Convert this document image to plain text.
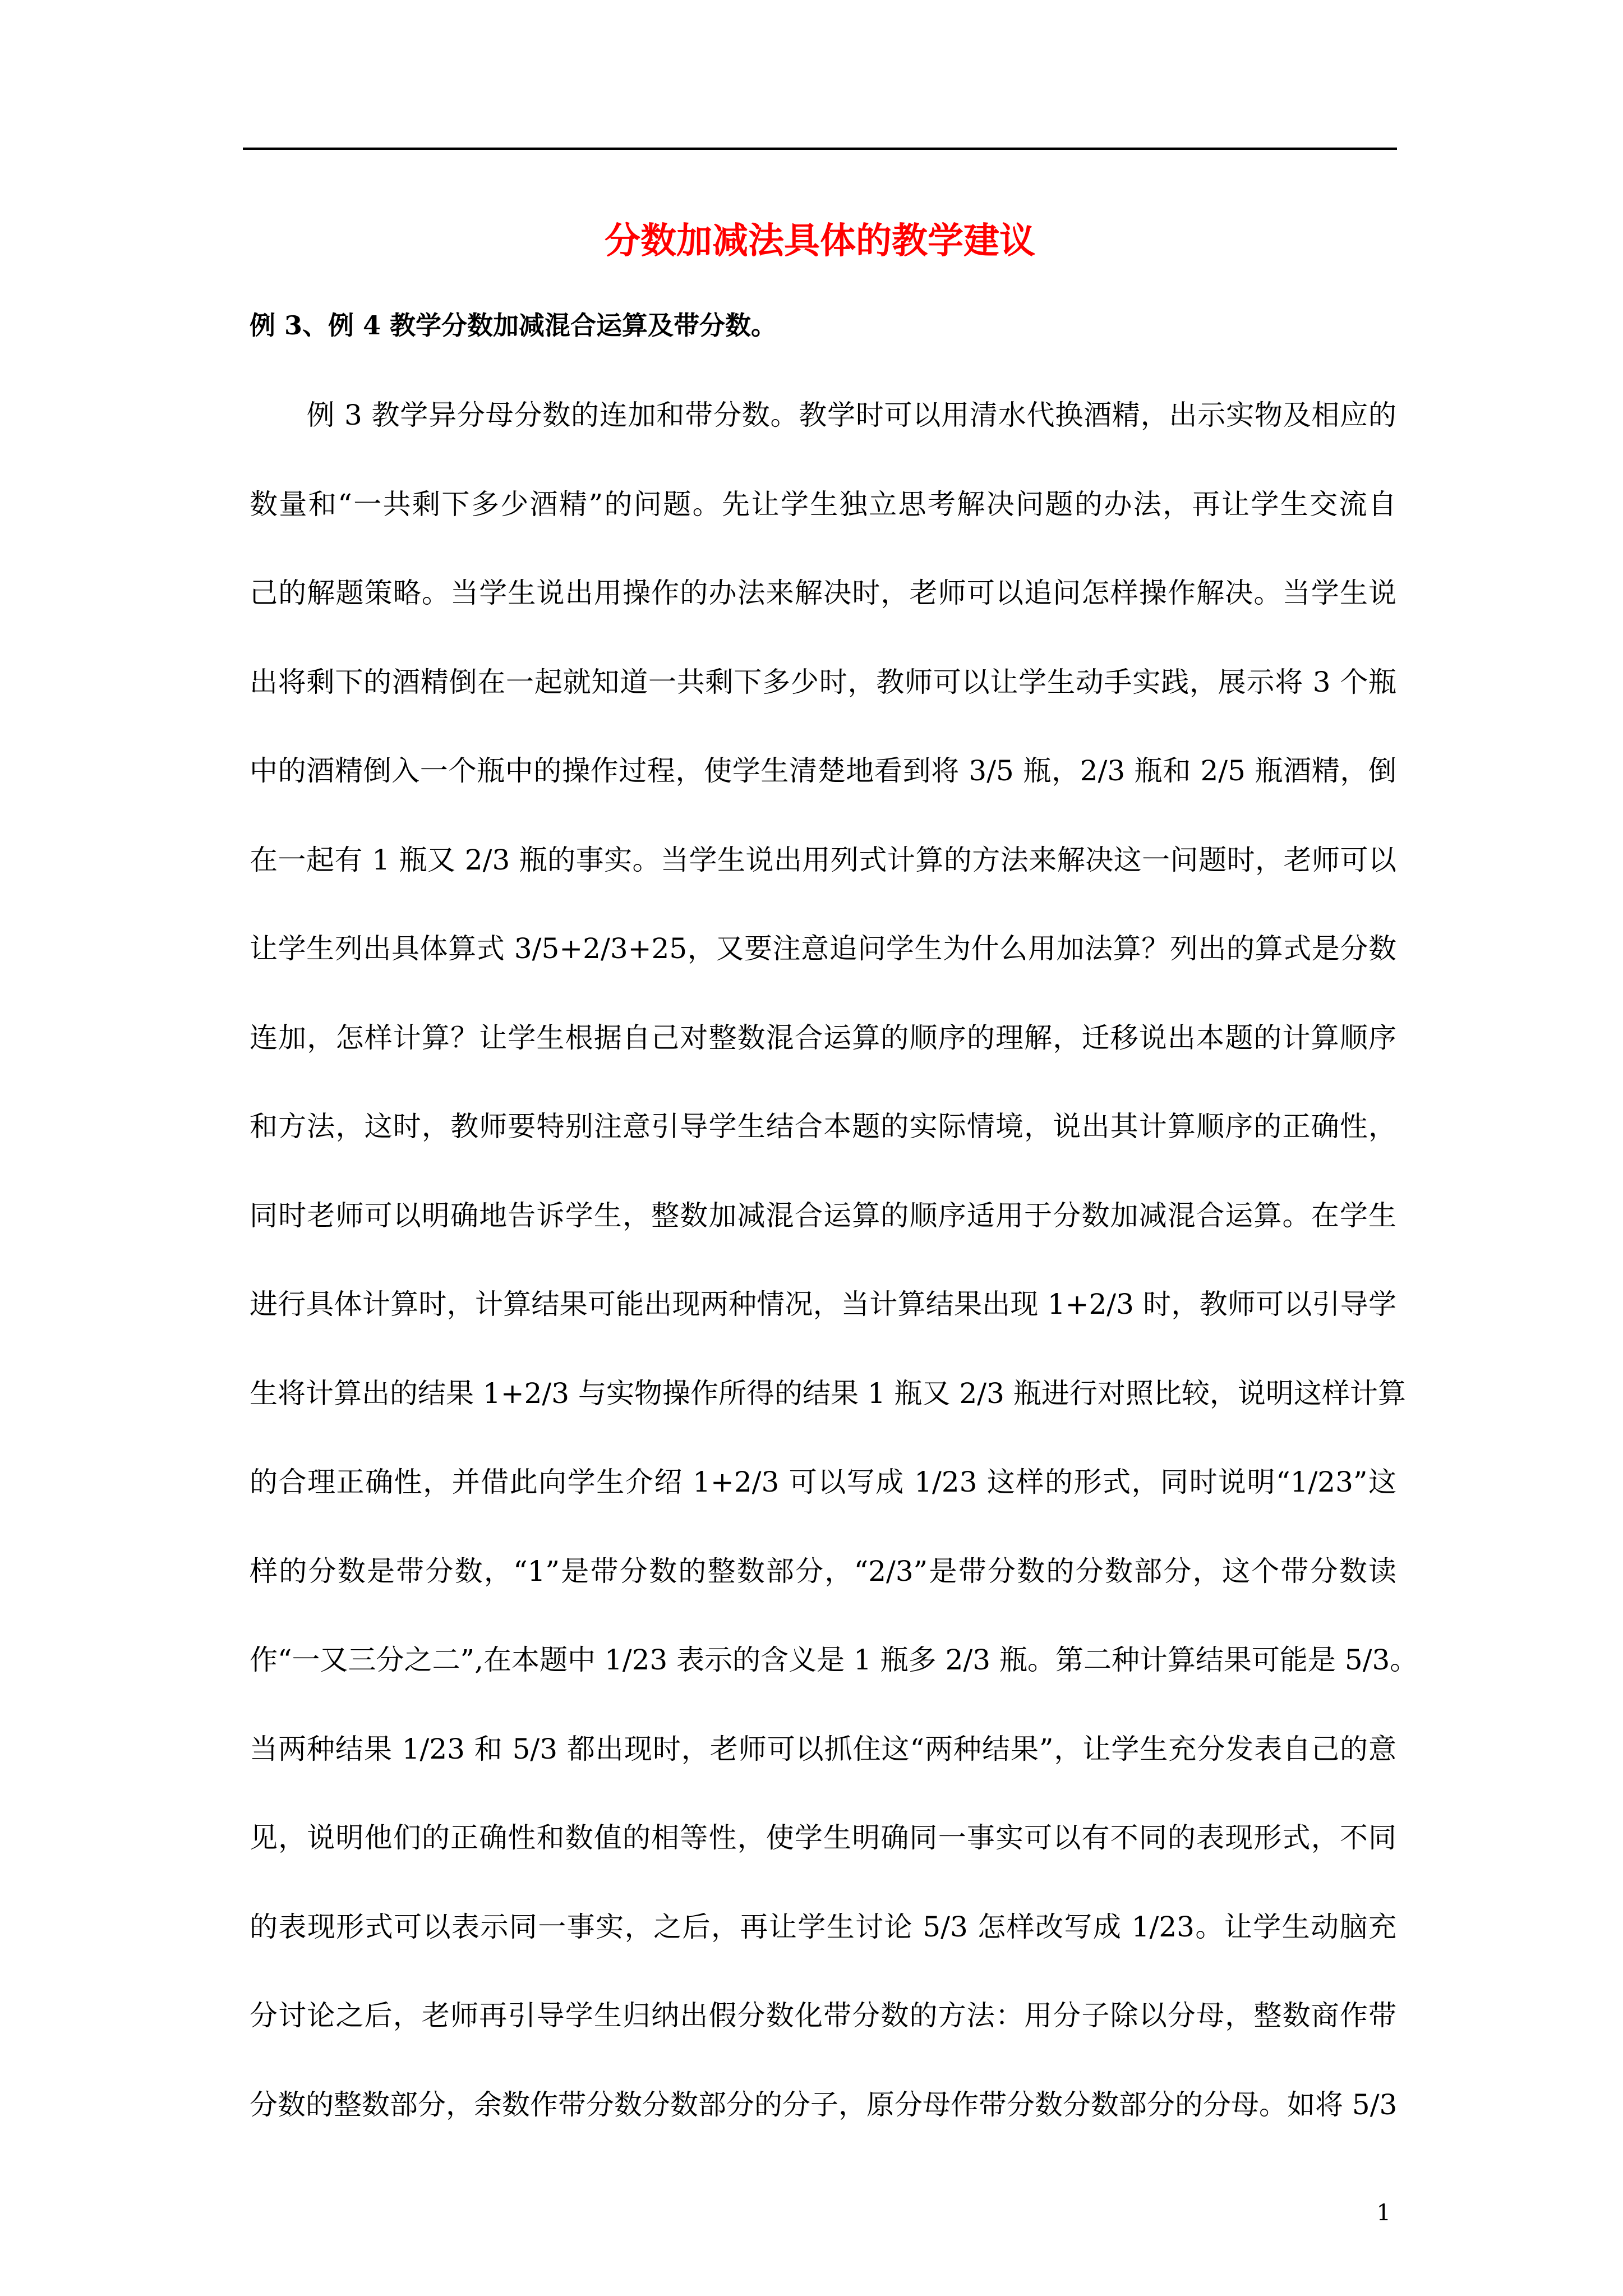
分数加减法具体的教学建议

例 3、例 4 教学分数加减混合运算及带分数。

　　例 3 教学异分母分数的连加和带分数。教学时可以用清水代换酒精，出示实物及相应的
数量和“一共剩下多少酒精”的问题。先让学生独立思考解决问题的办法，再让学生交流自
己的解题策略。当学生说出用操作的办法来解决时，老师可以追问怎样操作解决。当学生说
出将剩下的酒精倒在一起就知道一共剩下多少时，教师可以让学生动手实践，展示将 3 个瓶
中的酒精倒入一个瓶中的操作过程，使学生清楚地看到将 3/5 瓶，2/3 瓶和 2/5 瓶酒精，倒
在一起有 1 瓶又 2/3 瓶的事实。当学生说出用列式计算的方法来解决这一问题时，老师可以
让学生列出具体算式 3/5+2/3+25，又要注意追问学生为什么用加法算？列出的算式是分数
连加，怎样计算？让学生根据自己对整数混合运算的顺序的理解，迁移说出本题的计算顺序
和方法，这时，教师要特别注意引导学生结合本题的实际情境，说出其计算顺序的正确性，
同时老师可以明确地告诉学生，整数加减混合运算的顺序适用于分数加减混合运算。在学生
进行具体计算时，计算结果可能出现两种情况，当计算结果出现 1+2/3 时，教师可以引导学
生将计算出的结果 1+2/3 与实物操作所得的结果 1 瓶又 2/3 瓶进行对照比较，说明这样计算
的合理正确性，并借此向学生介绍 1+2/3 可以写成 1/23 这样的形式，同时说明“1/23”这
样的分数是带分数，“1”是带分数的整数部分，“2/3”是带分数的分数部分，这个带分数读
作“一又三分之二”,在本题中 1/23 表示的含义是 1 瓶多 2/3 瓶。第二种计算结果可能是 5/3。
当两种结果 1/23 和 5/3 都出现时，老师可以抓住这“两种结果”，让学生充分发表自己的意
见，说明他们的正确性和数值的相等性，使学生明确同一事实可以有不同的表现形式，不同
的表现形式可以表示同一事实，之后，再让学生讨论 5/3 怎样改写成 1/23。让学生动脑充
分讨论之后，老师再引导学生归纳出假分数化带分数的方法：用分子除以分母，整数商作带
分数的整数部分，余数作带分数分数部分的分子，原分母作带分数分数部分的分母。如将 5/3

1
